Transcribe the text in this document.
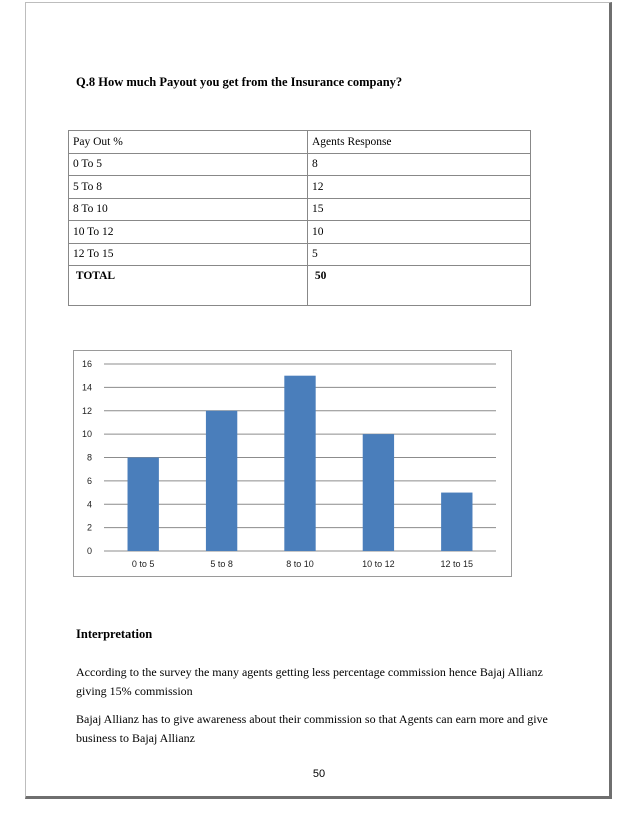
Q.8 How much Payout you get from the Insurance company?
Pay Out %	Agents Response
0 To 5	8
5 To 8	12
8 To 10	15
10 To 12	10
12 To 15	5
TOTAL	50
0
2
4
6
8
10
12
14
16
0 to 5	5 to 8	8 to 10	10 to 12	12 to 15
Interpretation
According to the survey the many agents getting less percentage commission hence Bajaj Allianz giving 15% commission
Bajaj Allianz has to give awareness about their commission so that Agents can earn more and give business to Bajaj Allianz
50
